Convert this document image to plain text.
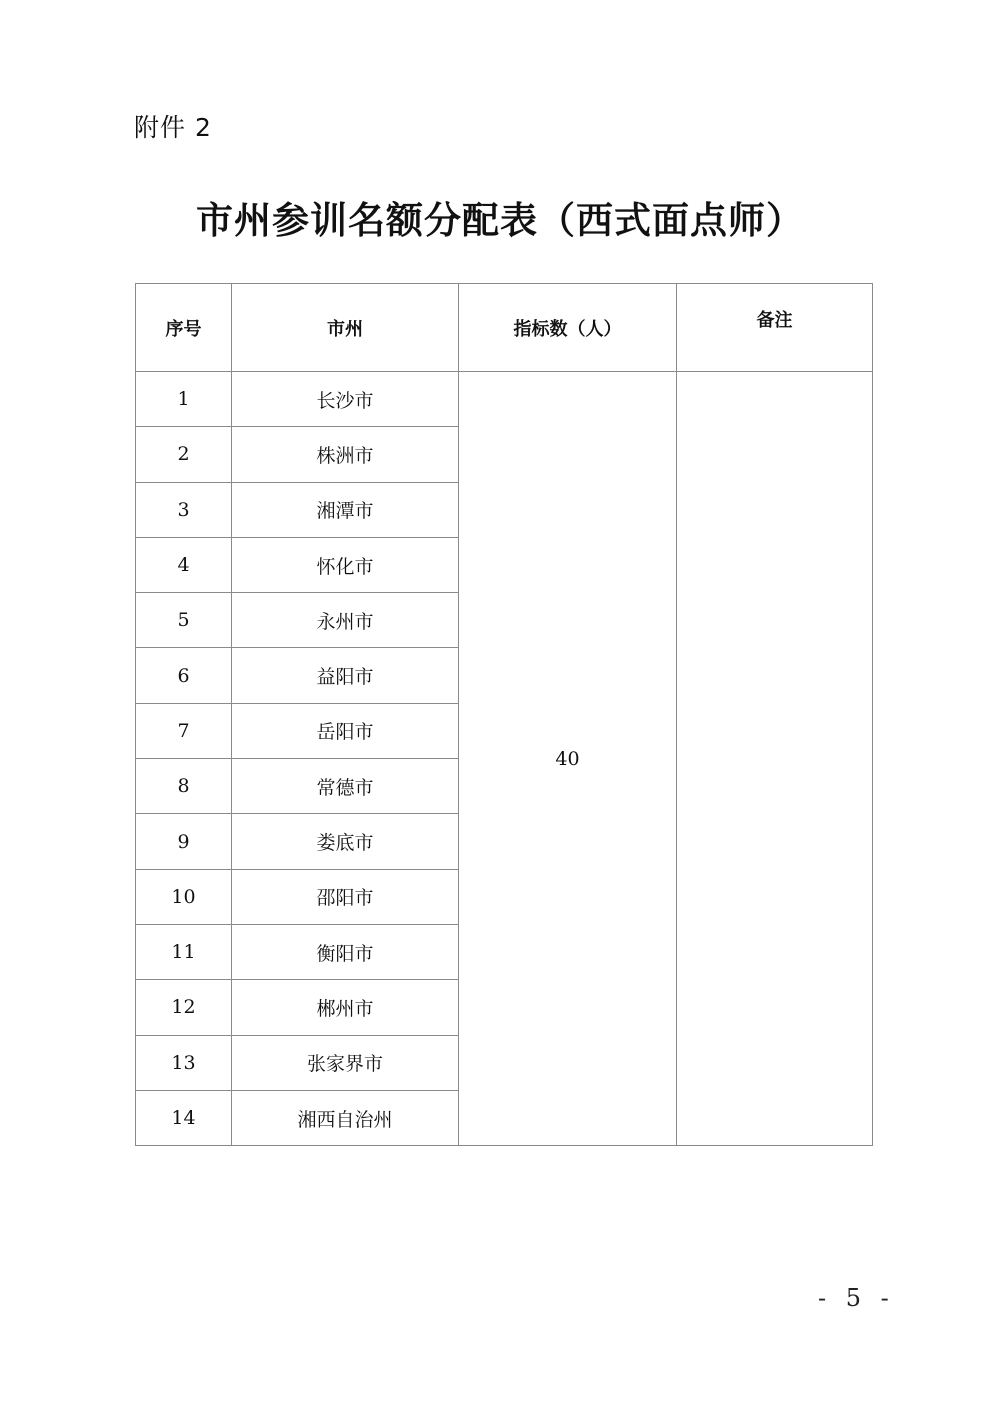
附件 2
市州参训名额分配表（西式面点师）
序号	市州	指标数（人）	备注
1	长沙市	40	
2	株洲市		
3	湘潭市		
4	怀化市		
5	永州市		
6	益阳市		
7	岳阳市		
8	常德市		
9	娄底市		
10	邵阳市		
11	衡阳市		
12	郴州市		
13	张家界市		
14	湘西自治州		
- 5 -
